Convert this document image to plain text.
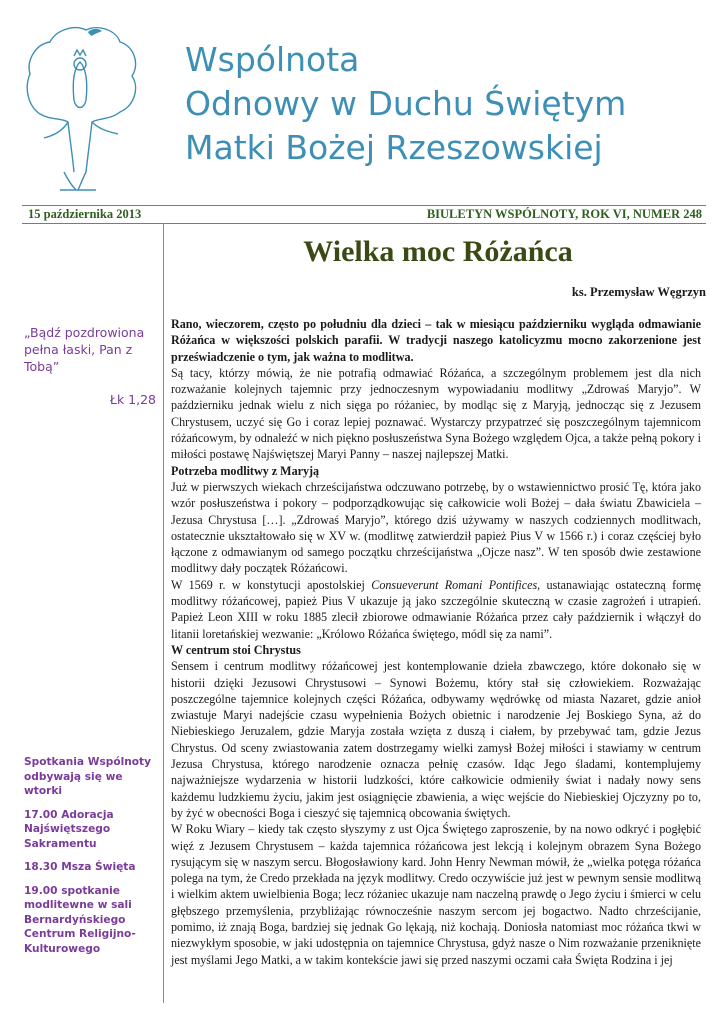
Wspólnota
Odnowy w Duchu Świętym
Matki Bożej Rzeszowskiej
15 października 2013	BIULETYN WSPÓLNOTY, ROK VI, NUMER 248
Wielka moc Różańca
ks. Przemysław Węgrzyn
„Bądź pozdrowiona pełna łaski, Pan z Tobą”
Łk 1,28

Spotkania Wspólnoty odbywają się we wtorki

17.00 Adoracja Najświętszego Sakramentu

18.30 Msza Święta

19.00 spotkanie modlitewne w sali Bernardyńskiego Centrum Religijno-Kulturowego

Rano, wieczorem, często po południu dla dzieci – tak w miesiącu październiku wygląda odmawianie Różańca w większości polskich parafii. W tradycji naszego katolicyzmu mocno zakorzenione jest przeświadczenie o tym, jak ważna to modlitwa.

Są tacy, którzy mówią, że nie potrafią odmawiać Różańca, a szczególnym problemem jest dla nich rozważanie kolejnych tajemnic przy jednoczesnym wypowiadaniu modlitwy „Zdrowaś Maryjo”. W październiku jednak wielu z nich sięga po różaniec, by modląc się z Maryją, jednocząc się z Jezusem Chrystusem, uczyć się Go i coraz lepiej poznawać. Wystarczy przypatrzeć się poszczególnym tajemnicom różańcowym, by odnaleźć w nich piękno posłuszeństwa Syna Bożego względem Ojca, a także pełną pokory i miłości postawę Najświętszej Maryi Panny – naszej najlepszej Matki.

Potrzeba modlitwy z Maryją

Już w pierwszych wiekach chrześcijaństwa odczuwano potrzebę, by o wstawiennictwo prosić Tę, która jako wzór posłuszeństwa i pokory – podporządkowując się całkowicie woli Bożej – dała światu Zbawiciela – Jezusa Chrystusa […]. „Zdrowaś Maryjo”, którego dziś używamy w naszych codziennych modlitwach, ostatecznie ukształtowało się w XV w. (modlitwę zatwierdził papież Pius V w 1566 r.) i coraz częściej było łączone z odmawianym od samego początku chrześcijaństwa „Ojcze nasz”. W ten sposób dwie zestawione modlitwy dały początek Różańcowi.

W 1569 r. w konstytucji apostolskiej Consueverunt Romani Pontifices, ustanawiając ostateczną formę modlitwy różańcowej, papież Pius V ukazuje ją jako szczególnie skuteczną w czasie zagrożeń i utrapień. Papież Leon XIII w roku 1885 zlecił zbiorowe odmawianie Różańca przez cały październik i włączył do litanii loretańskiej wezwanie: „Królowo Różańca świętego, módl się za nami”.

W centrum stoi Chrystus

Sensem i centrum modlitwy różańcowej jest kontemplowanie dzieła zbawczego, które dokonało się w historii dzięki Jezusowi Chrystusowi – Synowi Bożemu, który stał się człowiekiem. Rozważając poszczególne tajemnice kolejnych części Różańca, odbywamy wędrówkę od miasta Nazaret, gdzie anioł zwiastuje Maryi nadejście czasu wypełnienia Bożych obietnic i narodzenie Jej Boskiego Syna, aż do Niebieskiego Jeruzalem, gdzie Maryja została wzięta z duszą i ciałem, by przebywać tam, gdzie Jezus Chrystus. Od sceny zwiastowania zatem dostrzegamy wielki zamysł Bożej miłości i stawiamy w centrum Jezusa Chrystusa, którego narodzenie oznacza pełnię czasów. Idąc Jego śladami, kontemplujemy najważniejsze wydarzenia w historii ludzkości, które całkowicie odmieniły świat i nadały nowy sens każdemu ludzkiemu życiu, jakim jest osiągnięcie zbawienia, a więc wejście do Niebieskiej Ojczyzny po to, by żyć w obecności Boga i cieszyć się tajemnicą obcowania świętych.

W Roku Wiary – kiedy tak często słyszymy z ust Ojca Świętego zaproszenie, by na nowo odkryć i pogłębić więź z Jezusem Chrystusem – każda tajemnica różańcowa jest lekcją i kolejnym obrazem Syna Bożego rysującym się w naszym sercu. Błogosławiony kard. John Henry Newman mówił, że „wielka potęga różańca polega na tym, że Credo przekłada na język modlitwy. Credo oczywiście już jest w pewnym sensie modlitwą i wielkim aktem uwielbienia Boga; lecz różaniec ukazuje nam naczelną prawdę o Jego życiu i śmierci w celu głębszego przemyślenia, przybliżając równocześnie naszym sercom jej bogactwo. Nadto chrześcijanie, pomimo, iż znają Boga, bardziej się jednak Go lękają, niż kochają. Doniosła natomiast moc różańca tkwi w niezwykłym sposobie, w jaki udostępnia on tajemnice Chrystusa, gdyż nasze o Nim rozważanie przeniknięte jest myślami Jego Matki, a w takim kontekście jawi się przed naszymi oczami cała Święta Rodzina i jej
